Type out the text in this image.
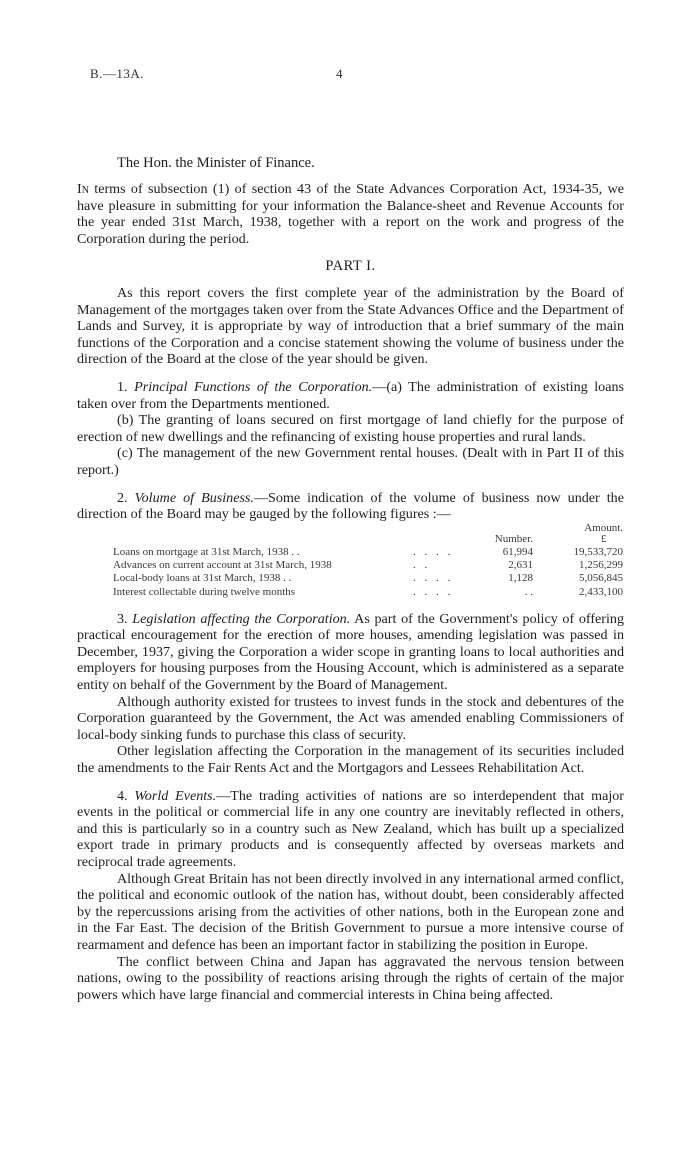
B.—13A.	4
The Hon. the Minister of Finance.

In terms of subsection (1) of section 43 of the State Advances Corporation Act, 1934-35, we have pleasure in submitting for your information the Balance-sheet and Revenue Accounts for the year ended 31st March, 1938, together with a report on the work and progress of the Corporation during the period.

PART I.

As this report covers the first complete year of the administration by the Board of Management of the mortgages taken over from the State Advances Office and the Department of Lands and Survey, it is appropriate by way of introduction that a brief summary of the main functions of the Corporation and a concise statement showing the volume of business under the direction of the Board at the close of the year should be given.

1. Principal Functions of the Corporation.—(a) The administration of existing loans taken over from the Departments mentioned.

(b) The granting of loans secured on first mortgage of land chiefly for the purpose of erection of new dwellings and the refinancing of existing house properties and rural lands.

(c) The management of the new Government rental houses. (Dealt with in Part II of this report.)

2. Volume of Business.—Some indication of the volume of business now under the direction of the Board may be gauged by the following figures :—

		Number.	Amount.
£
Loans on mortgage at 31st March, 1938 . .	. . . .	61,994	19,533,720
Advances on current account at 31st March, 1938	. .	2,631	1,256,299
Local-body loans at 31st March, 1938 . .	. . . .	1,128	5,056,845
Interest collectable during twelve months	. . . .	. .	2,433,100

3. Legislation affecting the Corporation. As part of the Government's policy of offering practical encouragement for the erection of more houses, amending legislation was passed in December, 1937, giving the Corporation a wider scope in granting loans to local authorities and employers for housing purposes from the Housing Account, which is administered as a separate entity on behalf of the Government by the Board of Management.

Although authority existed for trustees to invest funds in the stock and debentures of the Corporation guaranteed by the Government, the Act was amended enabling Commissioners of local-body sinking funds to purchase this class of security.

Other legislation affecting the Corporation in the management of its securities included the amendments to the Fair Rents Act and the Mortgagors and Lessees Rehabilitation Act.

4. World Events.—The trading activities of nations are so interdependent that major events in the political or commercial life in any one country are inevitably reflected in others, and this is particularly so in a country such as New Zealand, which has built up a specialized export trade in primary products and is consequently affected by overseas markets and reciprocal trade agreements.

Although Great Britain has not been directly involved in any international armed conflict, the political and economic outlook of the nation has, without doubt, been considerably affected by the repercussions arising from the activities of other nations, both in the European zone and in the Far East. The decision of the British Government to pursue a more intensive course of rearmament and defence has been an important factor in stabilizing the position in Europe.

The conflict between China and Japan has aggravated the nervous tension between nations, owing to the possibility of reactions arising through the rights of certain of the major powers which have large financial and commercial interests in China being affected.
